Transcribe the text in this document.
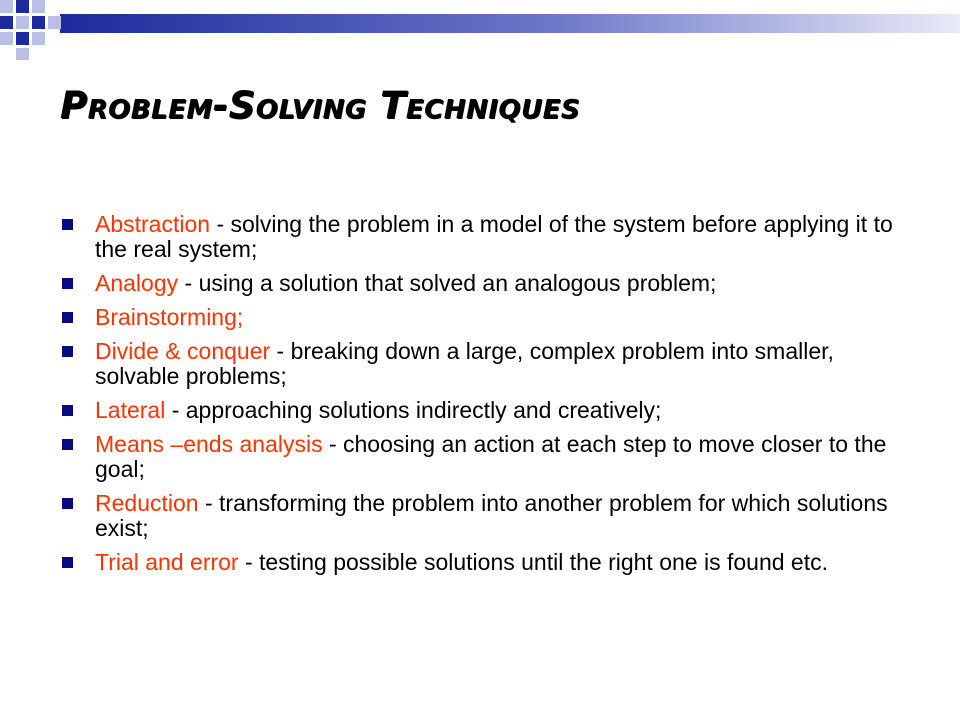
Problem-Solving Techniques
Abstraction - solving the problem in a model of the system before applying it to the real system;
Analogy - using a solution that solved an analogous problem;
Brainstorming;
Divide & conquer - breaking down a large, complex problem into smaller, solvable problems;
Lateral - approaching solutions indirectly and creatively;
Means –ends analysis - choosing an action at each step to move closer to the goal;
Reduction - transforming the problem into another problem for which solutions exist;
Trial and error - testing possible solutions until the right one is found etc.
